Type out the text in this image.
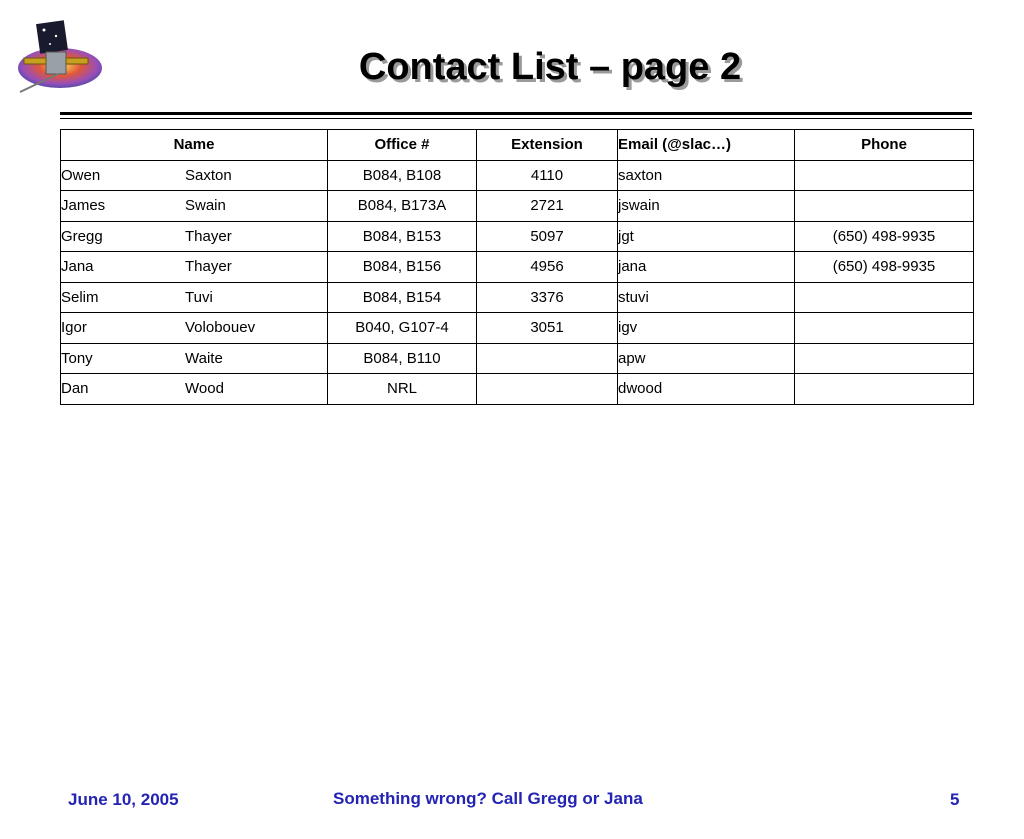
Contact List – page 2
Name	Office #	Extension	Email (@slac…)	Phone
Owen Saxton	B084, B108	4110	saxton	
James Swain	B084, B173A	2721	jswain	
Gregg Thayer	B084, B153	5097	jgt	(650) 498-9935
Jana Thayer	B084, B156	4956	jana	(650) 498-9935
Selim Tuvi	B084, B154	3376	stuvi	
Igor Volobouev	B040, G107-4	3051	igv	
Tony Waite	B084, B110		apw	
Dan Wood	NRL		dwood	
June 10, 2005	Something wrong? Call Gregg or Jana	5
